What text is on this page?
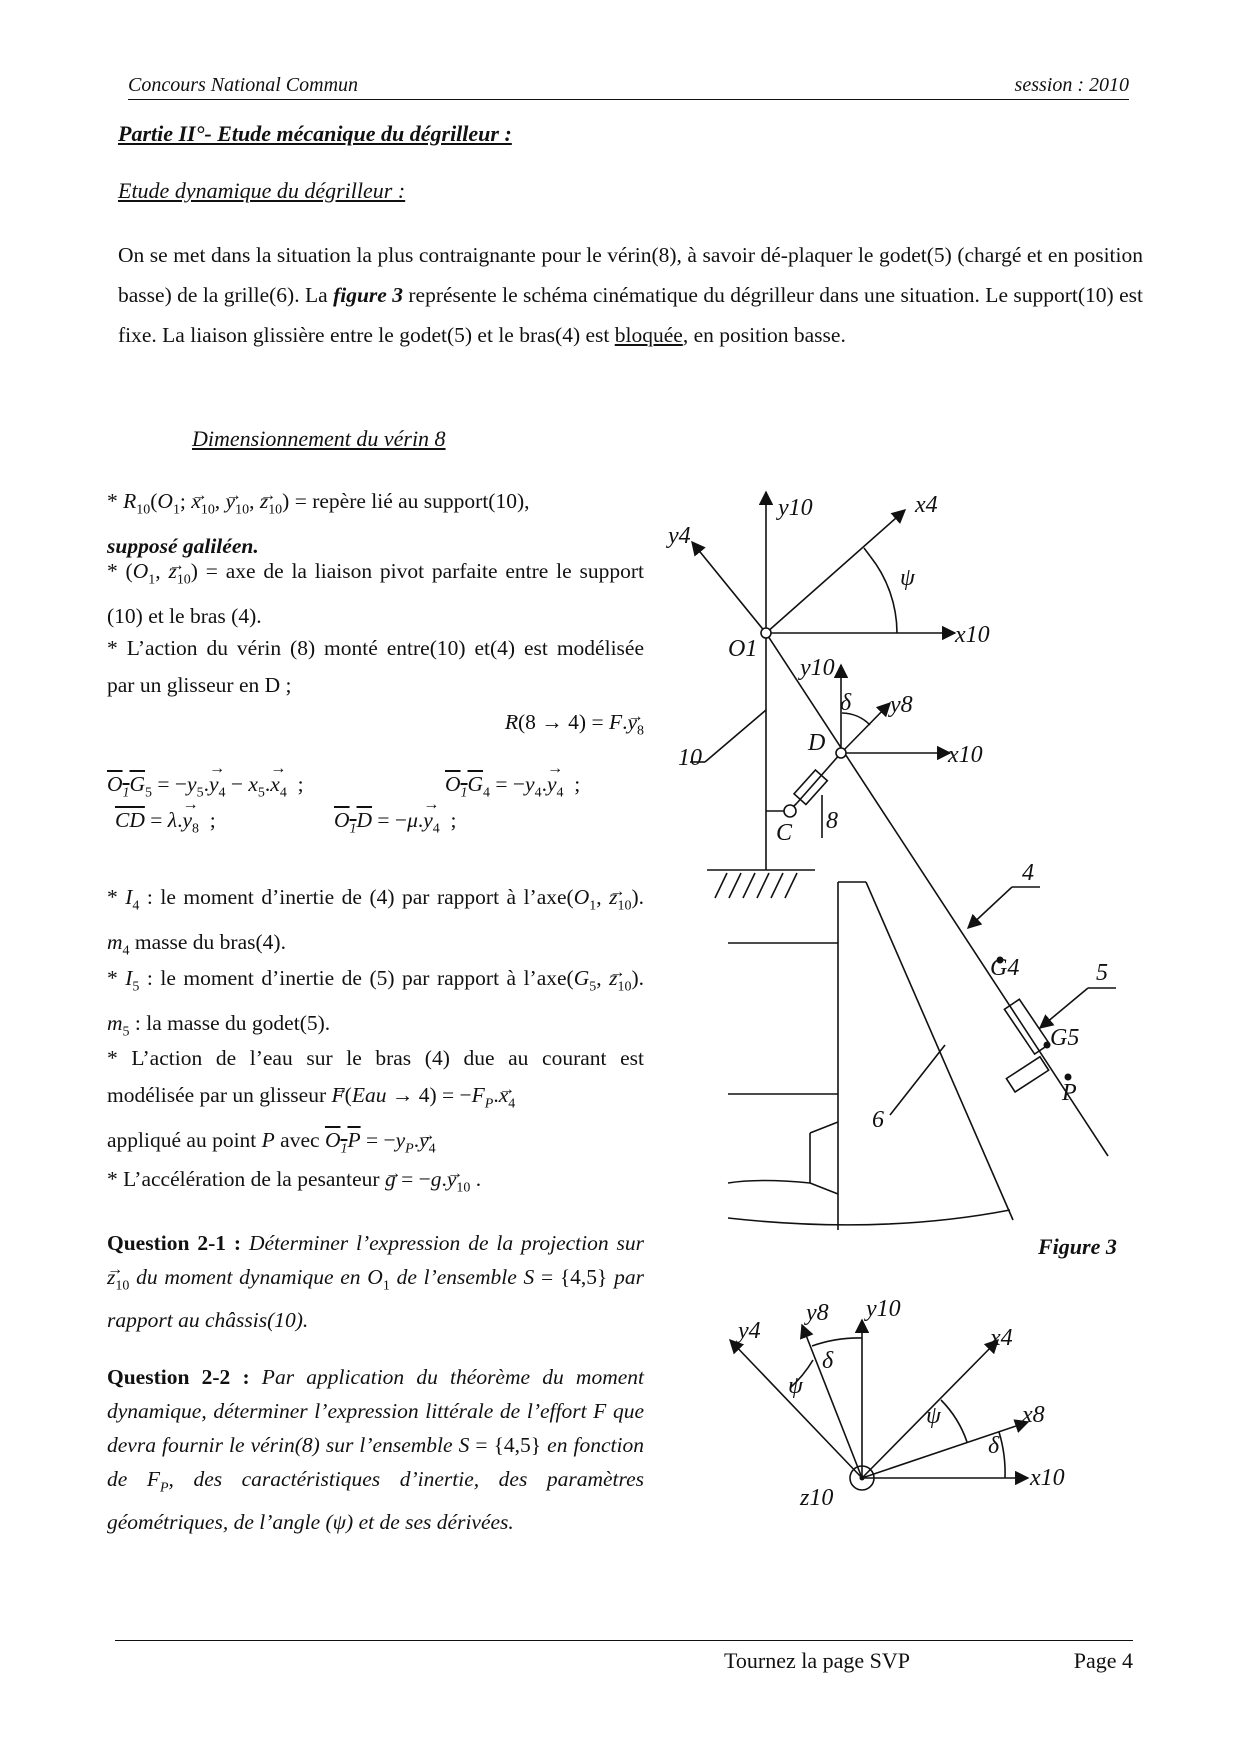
Concours National Commun	session : 2010
Partie II°- Etude mécanique du dégrilleur :
Etude dynamique du dégrilleur :
On se met dans la situation la plus contraignante pour le vérin(8), à savoir dé-plaquer le godet(5) (chargé et en position basse) de la grille(6). La figure 3 représente le schéma cinématique du dégrilleur dans une situation. Le support(10) est fixe. La liaison glissière entre le godet(5) et le bras(4) est bloquée, en position basse.
Dimensionnement du vérin 8
* $R_{10}(O_1$; $x \to_{10}$, $y \to_{10}$, $z \to_{10}$) = repère lié au support(10),
supposé galiléen.
* ($O_1$, $z \to_{10}$) = axe de la liaison pivot parfaite entre le support (10) et le bras (4).
* L’action du vérin (8) monté entre(10) et(4) est modélisée par un glisseur en D ;
$R \to(8 \to 4) = F.y \to_8$
$O_1G_5 = -y_5.y \to_4 - x_5.x \to_4$  ;	$O_1G_4 = -y_4.y \to_4$  ;
$\overline{CD} = \lambda.y \to_8$  ;	$O_1D = -\mu.y \to_4$  ;
* $I_4$ : le moment d’inertie de (4) par rapport à $l’axe(O_1$, $z \to_{10}$). $m_4$ masse du bras(4).
* $I_5$ : le moment d’inertie de (5) par rapport à $l’axe(G_5$, $z \to_{10}$). $m_5$ : la masse du godet(5).
* L’action de l’eau sur le bras (4) due au courant est modélisée par un glisseur $F \to(Eau \to 4) = -F_P.x \to_4$
appliqué au point P avec $O_1P = -y_P.y \to_4$
* L’accélération de la pesanteur g → = $-g.y \to_{10}$ .
Question 2-1 : Déterminer l’expression de la projection sur $z \to_{10}$ du moment dynamique en $O_1$ de l’ensemble S = {4,5} par rapport au châssis(10).
Question 2-2 : Par application du théorème du moment dynamique, déterminer l’expression littérale de l’effort F que devra fournir le vérin(8) sur l’ensemble S = {4,5} en fonction de $F_P$, des caractéristiques d’inertie, des paramètres géométriques, de l’angle (ψ) et de ses dérivées.
y10	x4
y4
ψ
x10
O1
y10
δ y8
D	x10
10
C 8
4
G4	5
G5
P
6
y8 y10
x4
y4
δ
ψ
ψ	x8
δ
x10
z10
Figure 3
Tournez la page SVP	Page 4
